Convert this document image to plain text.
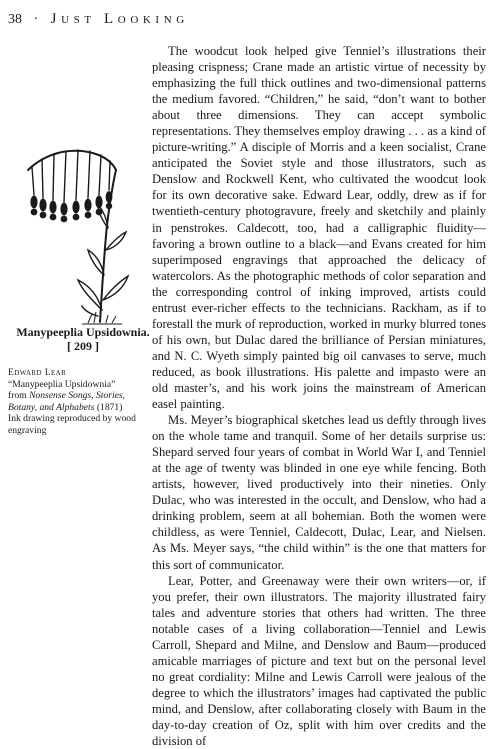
38 · Just Looking
Manypeeplia Upsidownia.
[ 209 ]
Edward Lear
“Manypeeplia Upsidownia”
from Nonsense Songs, Stories, Botany, and Alphabets (1871)
Ink drawing reproduced by wood engraving

The woodcut look helped give Tenniel’s illustrations their pleasing crispness; Crane made an artistic virtue of necessity by emphasizing the full thick outlines and two-dimensional patterns the medium favored. “Children,” he said, “don’t want to bother about three dimensions. They can accept symbolic representations. They themselves employ drawing . . . as a kind of picture-writing.” A disciple of Morris and a keen socialist, Crane anticipated the Soviet style and those illustrators, such as Denslow and Rockwell Kent, who cultivated the woodcut look for its own decorative sake. Edward Lear, oddly, drew as if for twentieth-century photogravure, freely and sketchily and plainly in penstrokes. Caldecott, too, had a calligraphic fluidity—favoring a brown outline to a black—and Evans created for him superimposed engravings that approached the delicacy of watercolors. As the photographic methods of color separation and the corresponding control of inking improved, artists could entrust ever-richer effects to the technicians. Rackham, as if to forestall the murk of reproduction, worked in murky blurred tones of his own, but Dulac dared the brilliance of Persian miniatures, and N. C. Wyeth simply painted big oil canvases to serve, much reduced, as book illustrations. His palette and impasto were an old master’s, and his work joins the mainstream of American easel painting.

Ms. Meyer’s biographical sketches lead us deftly through lives on the whole tame and tranquil. Some of her details surprise us: Shepard served four years of combat in World War I, and Tenniel at the age of twenty was blinded in one eye while fencing. Both artists, however, lived productively into their nineties. Only Dulac, who was interested in the occult, and Denslow, who had a drinking problem, seem at all bohemian. Both the women were childless, as were Tenniel, Caldecott, Dulac, Lear, and Nielsen. As Ms. Meyer says, “the child within” is the one that matters for this sort of communicator.

Lear, Potter, and Greenaway were their own writers—or, if you prefer, their own illustrators. The majority illustrated fairy tales and adventure stories that others had written. The three notable cases of a living collaboration—Tenniel and Lewis Carroll, Shepard and Milne, and Denslow and Baum—produced amicable marriages of picture and text but on the personal level no great cordiality: Milne and Lewis Carroll were jealous of the degree to which the illustrators’ images had captivated the public mind, and Denslow, after collaborating closely with Baum in the day-to-day creation of Oz, split with him over credits and the division of
